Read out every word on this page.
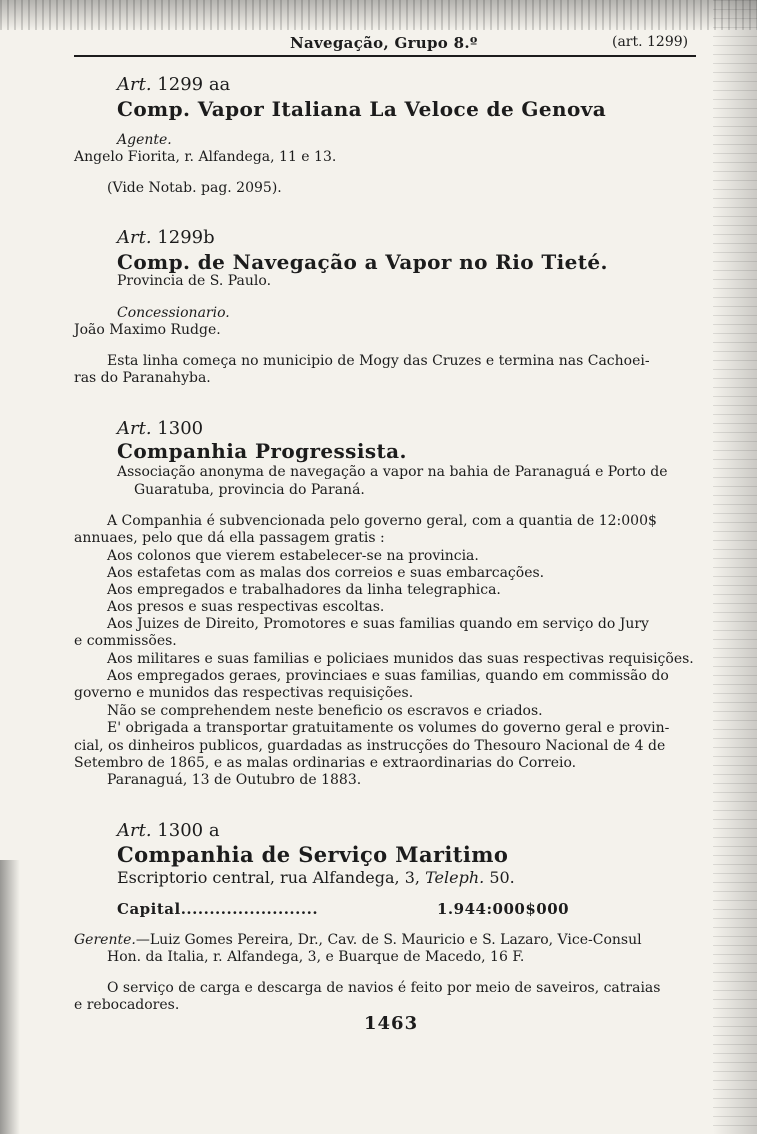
Navegação, Grupo 8.º	(art. 1299)
Art. 1299 aa
Comp. Vapor Italiana La Veloce de Genova
Agente.
Angelo Fiorita, r. Alfandega, 11 e 13.
(Vide Notab. pag. 2095).
Art. 1299b
Comp. de Navegação a Vapor no Rio Tieté.
Provincia de S. Paulo.
Concessionario.
João Maximo Rudge.
Esta linha começa no municipio de Mogy das Cruzes e termina nas Cachoei-
ras do Paranahyba.
Art. 1300
Companhia Progressista.
Associação anonyma de navegação a vapor na bahia de Paranaguá e Porto de
Guaratuba, provincia do Paraná.
A Companhia é subvencionada pelo governo geral, com a quantia de 12:000$
annuaes, pelo que dá ella passagem gratis :
Aos colonos que vierem estabelecer-se na provincia.
Aos estafetas com as malas dos correios e suas embarcações.
Aos empregados e trabalhadores da linha telegraphica.
Aos presos e suas respectivas escoltas.
Aos Juizes de Direito, Promotores e suas familias quando em serviço do Jury
e commissões.
Aos militares e suas familias e policiaes munidos das suas respectivas requisições.
Aos empregados geraes, provinciaes e suas familias, quando em commissão do
governo e munidos das respectivas requisições.
Não se comprehendem neste beneficio os escravos e criados.
E' obrigada a transportar gratuitamente os volumes do governo geral e provin-
cial, os dinheiros publicos, guardadas as instrucções do Thesouro Nacional de 4 de
Setembro de 1865, e as malas ordinarias e extraordinarias do Correio.
Paranaguá, 13 de Outubro de 1883.
Art. 1300 a
Companhia de Serviço Maritimo
Escriptorio central, rua Alfandega, 3, Teleph. 50.
Capital........................	1.944:000$000
Gerente.—Luiz Gomes Pereira, Dr., Cav. de S. Mauricio e S. Lazaro, Vice-Consul
Hon. da Italia, r. Alfandega, 3, e Buarque de Macedo, 16 F.
O serviço de carga e descarga de navios é feito por meio de saveiros, catraias
e rebocadores.
1463
